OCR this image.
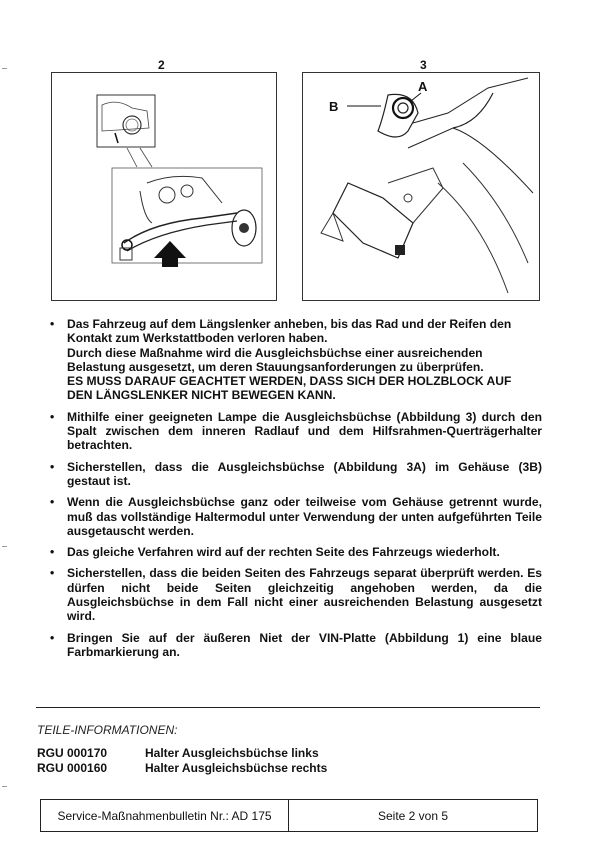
2	3
A
B
• Das Fahrzeug auf dem Längslenker anheben, bis das Rad und der Reifen den
Kontakt zum Werkstattboden verloren haben.
Durch diese Maßnahme wird die Ausgleichsbüchse einer ausreichenden
Belastung ausgesetzt, um deren Stauungsanforderungen zu überprüfen.
ES MUSS DARAUF GEACHTET WERDEN, DASS SICH DER HOLZBLOCK AUF
DEN LÄNGSLENKER NICHT BEWEGEN KANN.
• Mithilfe einer geeigneten Lampe die Ausgleichsbüchse (Abbildung 3) durch den Spalt zwischen dem inneren Radlauf und dem Hilfsrahmen-Querträgerhalter betrachten.
• Sicherstellen, dass die Ausgleichsbüchse (Abbildung 3A) im Gehäuse (3B) gestaut ist.
• Wenn die Ausgleichsbüchse ganz oder teilweise vom Gehäuse getrennt wurde, muß das vollständige Haltermodul unter Verwendung der unten aufgeführten Teile ausgetauscht werden.
• Das gleiche Verfahren wird auf der rechten Seite des Fahrzeugs wiederholt.
• Sicherstellen, dass die beiden Seiten des Fahrzeugs separat überprüft werden. Es dürfen nicht beide Seiten gleichzeitig angehoben werden, da die Ausgleichsbüchse in dem Fall nicht einer ausreichenden Belastung ausgesetzt wird.
• Bringen Sie auf der äußeren Niet der VIN-Platte (Abbildung 1) eine blaue Farbmarkierung an.
TEILE-INFORMATIONEN:
RGU 000170	Halter Ausgleichsbüchse links
RGU 000160	Halter Ausgleichsbüchse rechts
Service-Maßnahmenbulletin Nr.: AD 175	Seite 2 von 5
